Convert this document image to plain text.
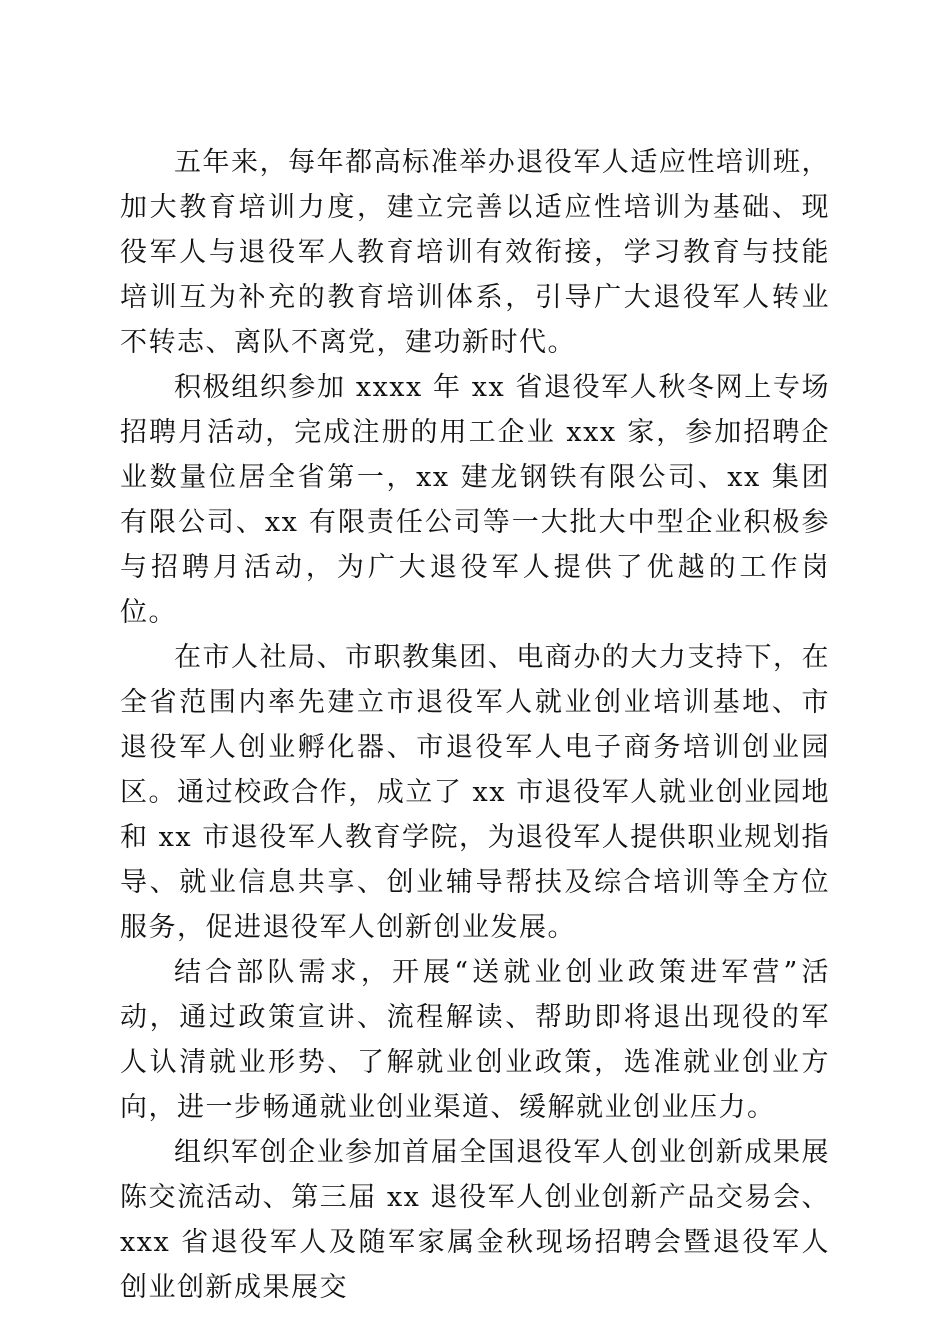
五年来，每年都高标准举办退役军人适应性培训班，加大教育培训力度，建立完善以适应性培训为基础、现役军人与退役军人教育培训有效衔接，学习教育与技能培训互为补充的教育培训体系，引导广大退役军人转业不转志、离队不离党，建功新时代。

积极组织参加 xxxx 年 xx 省退役军人秋冬网上专场招聘月活动，完成注册的用工企业 xxx 家，参加招聘企业数量位居全省第一，xx 建龙钢铁有限公司、xx 集团有限公司、xx 有限责任公司等一大批大中型企业积极参与招聘月活动，为广大退役军人提供了优越的工作岗位。

在市人社局、市职教集团、电商办的大力支持下，在全省范围内率先建立市退役军人就业创业培训基地、市退役军人创业孵化器、市退役军人电子商务培训创业园区。通过校政合作，成立了 xx 市退役军人就业创业园地和 xx 市退役军人教育学院，为退役军人提供职业规划指导、就业信息共享、创业辅导帮扶及综合培训等全方位服务，促进退役军人创新创业发展。

结合部队需求，开展“送就业创业政策进军营”活动，通过政策宣讲、流程解读、帮助即将退出现役的军人认清就业形势、了解就业创业政策，选准就业创业方向，进一步畅通就业创业渠道、缓解就业创业压力。

组织军创企业参加首届全国退役军人创业创新成果展陈交流活动、第三届 xx 退役军人创业创新产品交易会、xxx 省退役军人及随军家属金秋现场招聘会暨退役军人创业创新成果展交
